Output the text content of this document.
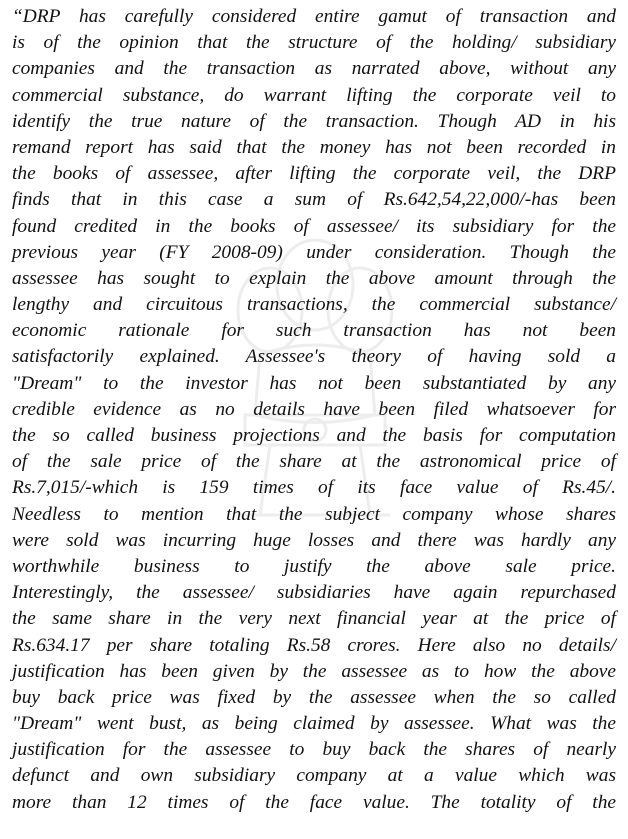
“DRP has carefully considered entire gamut of transaction and
is of the opinion that the structure of the holding/ subsidiary
companies and the transaction as narrated above, without any
commercial substance, do warrant lifting the corporate veil to
identify the true nature of the transaction. Though AD in his
remand report has said that the money has not been recorded in
the books of assessee, after lifting the corporate veil, the DRP
finds that in this case a sum of Rs.642,54,22,000/-has been
found credited in the books of assessee/ its subsidiary for the
previous year (FY 2008-09) under consideration. Though the
assessee has sought to explain the above amount through the
lengthy and circuitous transactions, the commercial substance/
economic rationale for such transaction has not been
satisfactorily explained. Assessee's theory of having sold a
"Dream" to the investor has not been substantiated by any
credible evidence as no details have been filed whatsoever for
the so called business projections and the basis for computation
of the sale price of the share at the astronomical price of
Rs.7,015/-which is 159 times of its face value of Rs.45/.
Needless to mention that the subject company whose shares
were sold was incurring huge losses and there was hardly any
worthwhile business to justify the above sale price.
Interestingly, the assessee/ subsidiaries have again repurchased
the same share in the very next financial year at the price of
Rs.634.17 per share totaling Rs.58 crores. Here also no details/
justification has been given by the assessee as to how the above
buy back price was fixed by the assessee when the so called
"Dream" went bust, as being claimed by assessee. What was the
justification for the assessee to buy back the shares of nearly
defunct and own subsidiary company at a value which was
more than 12 times of the face value. The totality of the
